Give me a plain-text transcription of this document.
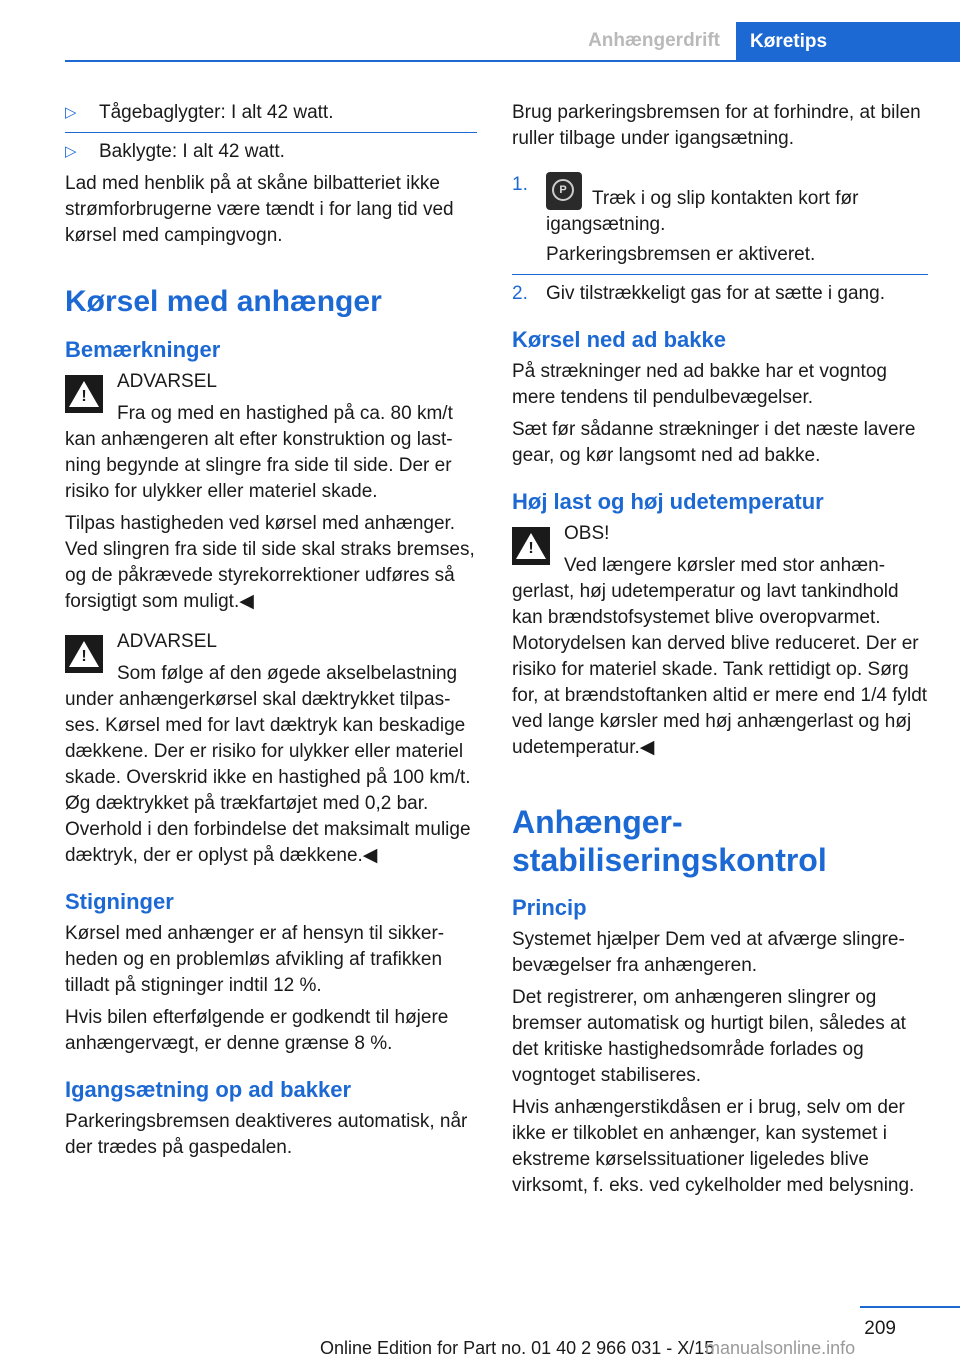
Anhængerdrift	Køretips
▷ Tågebaglygter: I alt 42 watt.
▷ Baklygte: I alt 42 watt.

Lad med henblik på at skåne bilbatteriet ikke strømforbrugerne være tændt i for lang tid ved kørsel med campingvogn.

Kørsel med anhænger
Bemærkninger
!
ADVARSEL

Fra og med en hastighed på ca. 80 km/t kan anhængeren alt efter konstruktion og lastning begynde at slingre fra side til side. Der er risiko for ulykker eller materiel skade.

Tilpas hastigheden ved kørsel med anhænger. Ved slingren fra side til side skal straks bremses, og de påkrævede styrekorrektioner udføres så forsigtigt som muligt.◀

!
ADVARSEL

Som følge af den øgede akselbelastning under anhængerkørsel skal dæktrykket tilpasses. Kørsel med for lavt dæktryk kan beskadige dækkene. Der er risiko for ulykker eller materiel skade. Overskrid ikke en hastighed på 100 km/t. Øg dæktrykket på trækfartøjet med 0,2 bar. Overhold i den forbindelse det maksimalt mulige dæktryk, der er oplyst på dækkene.◀

Stigninger

Kørsel med anhænger er af hensyn til sikkerheden og en problemløs afvikling af trafikken tilladt på stigninger indtil 12 %.

Hvis bilen efterfølgende er godkendt til højere anhængervægt, er denne grænse 8 %.

Igangsætning op ad bakker

Parkeringsbremsen deaktiveres automatisk, når der trædes på gaspedalen.

Brug parkeringsbremsen for at forhindre, at bilen ruller tilbage under igangsætning.

1.	P	Træk i og slip kontakten kort før igangsætning.
Parkeringsbremsen er aktiveret.
2. Giv tilstrækkeligt gas for at sætte i gang.
Kørsel ned ad bakke

På strækninger ned ad bakke har et vogntog mere tendens til pendulbevægelser.

Sæt før sådanne strækninger i det næste lavere gear, og kør langsomt ned ad bakke.

Høj last og høj udetemperatur
!
OBS!

Ved længere kørsler med stor anhængerlast, høj udetemperatur og lavt tankindhold kan brændstofsystemet blive overopvarmet. Motorydelsen kan derved blive reduceret. Der er risiko for materiel skade. Tank rettidigt op. Sørg for, at brændstoftanken altid er mere end 1/4 fyldt ved lange kørsler med høj anhængerlast og høj udetemperatur.◀

Anhænger-
stabiliseringskontrol
Princip

Systemet hjælper Dem ved at afværge slingrebevægelser fra anhængeren.

Det registrerer, om anhængeren slingrer og bremser automatisk og hurtigt bilen, således at det kritiske hastighedsområde forlades og vogntoget stabiliseres.

Hvis anhængerstikdåsen er i brug, selv om der ikke er tilkoblet en anhænger, kan systemet i ekstreme kørselssituationer ligeledes blive virksomt, f. eks. ved cykelholder med belysning.

209
Online Edition for Part no. 01 40 2 966 031 - X/15
manualsonline.info
